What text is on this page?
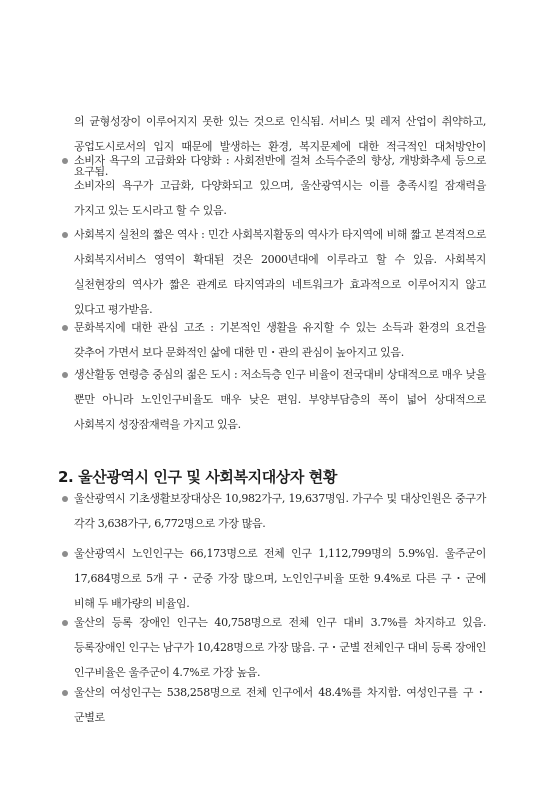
의 균형성장이 이루어지지 못한 있는 것으로 인식됨. 서비스 및 레저 산업이 취약하고, 공업도시로서의 입지 때문에 발생하는 환경, 복지문제에 대한 적극적인 대처방안이 요구됨.

소비자 욕구의 고급화와 다양화 : 사회전반에 걸쳐 소득수준의 향상, 개방화추세 등으로 소비자의 욕구가 고급화, 다양화되고 있으며, 울산광역시는 이를 충족시킬 잠재력을 가지고 있는 도시라고 할 수 있음.
사회복지 실천의 짧은 역사 : 민간 사회복지활동의 역사가 타지역에 비해 짧고 본격적으로 사회복지서비스 영역이 확대된 것은 2000년대에 이루라고 할 수 있음. 사회복지 실천현장의 역사가 짧은 관계로 타지역과의 네트워크가 효과적으로 이루어지지 않고 있다고 평가받음.
문화복지에 대한 관심 고조 : 기본적인 생활을 유지할 수 있는 소득과 환경의 요건을 갖추어 가면서 보다 문화적인 삶에 대한 민・관의 관심이 높아지고 있음.
생산활동 연령층 중심의 젊은 도시 : 저소득층 인구 비율이 전국대비 상대적으로 매우 낮을 뿐만 아니라 노인인구비율도 매우 낮은 편임. 부양부담층의 폭이 넓어 상대적으로 사회복지 성장잠재력을 가지고 있음.
2. 울산광역시 인구 및 사회복지대상자 현황
울산광역시 기초생활보장대상은 10,982가구, 19,637명임. 가구수 및 대상인원은 중구가 각각 3,638가구, 6,772명으로 가장 많음.
울산광역시 노인인구는 66,173명으로 전체 인구 1,112,799명의 5.9%임. 울주군이 17,684명으로 5개 구・군중 가장 많으며, 노인인구비율 또한 9.4%로 다른 구・군에 비해 두 배가량의 비율임.
울산의 등록 장애인 인구는 40,758명으로 전체 인구 대비 3.7%를 차지하고 있음. 등록장애인 인구는 남구가 10,428명으로 가장 많음. 구・군별 전체인구 대비 등록 장애인 인구비율은 울주군이 4.7%로 가장 높음.
울산의 여성인구는 538,258명으로 전체 인구에서 48.4%를 차지함. 여성인구를 구・군별로
